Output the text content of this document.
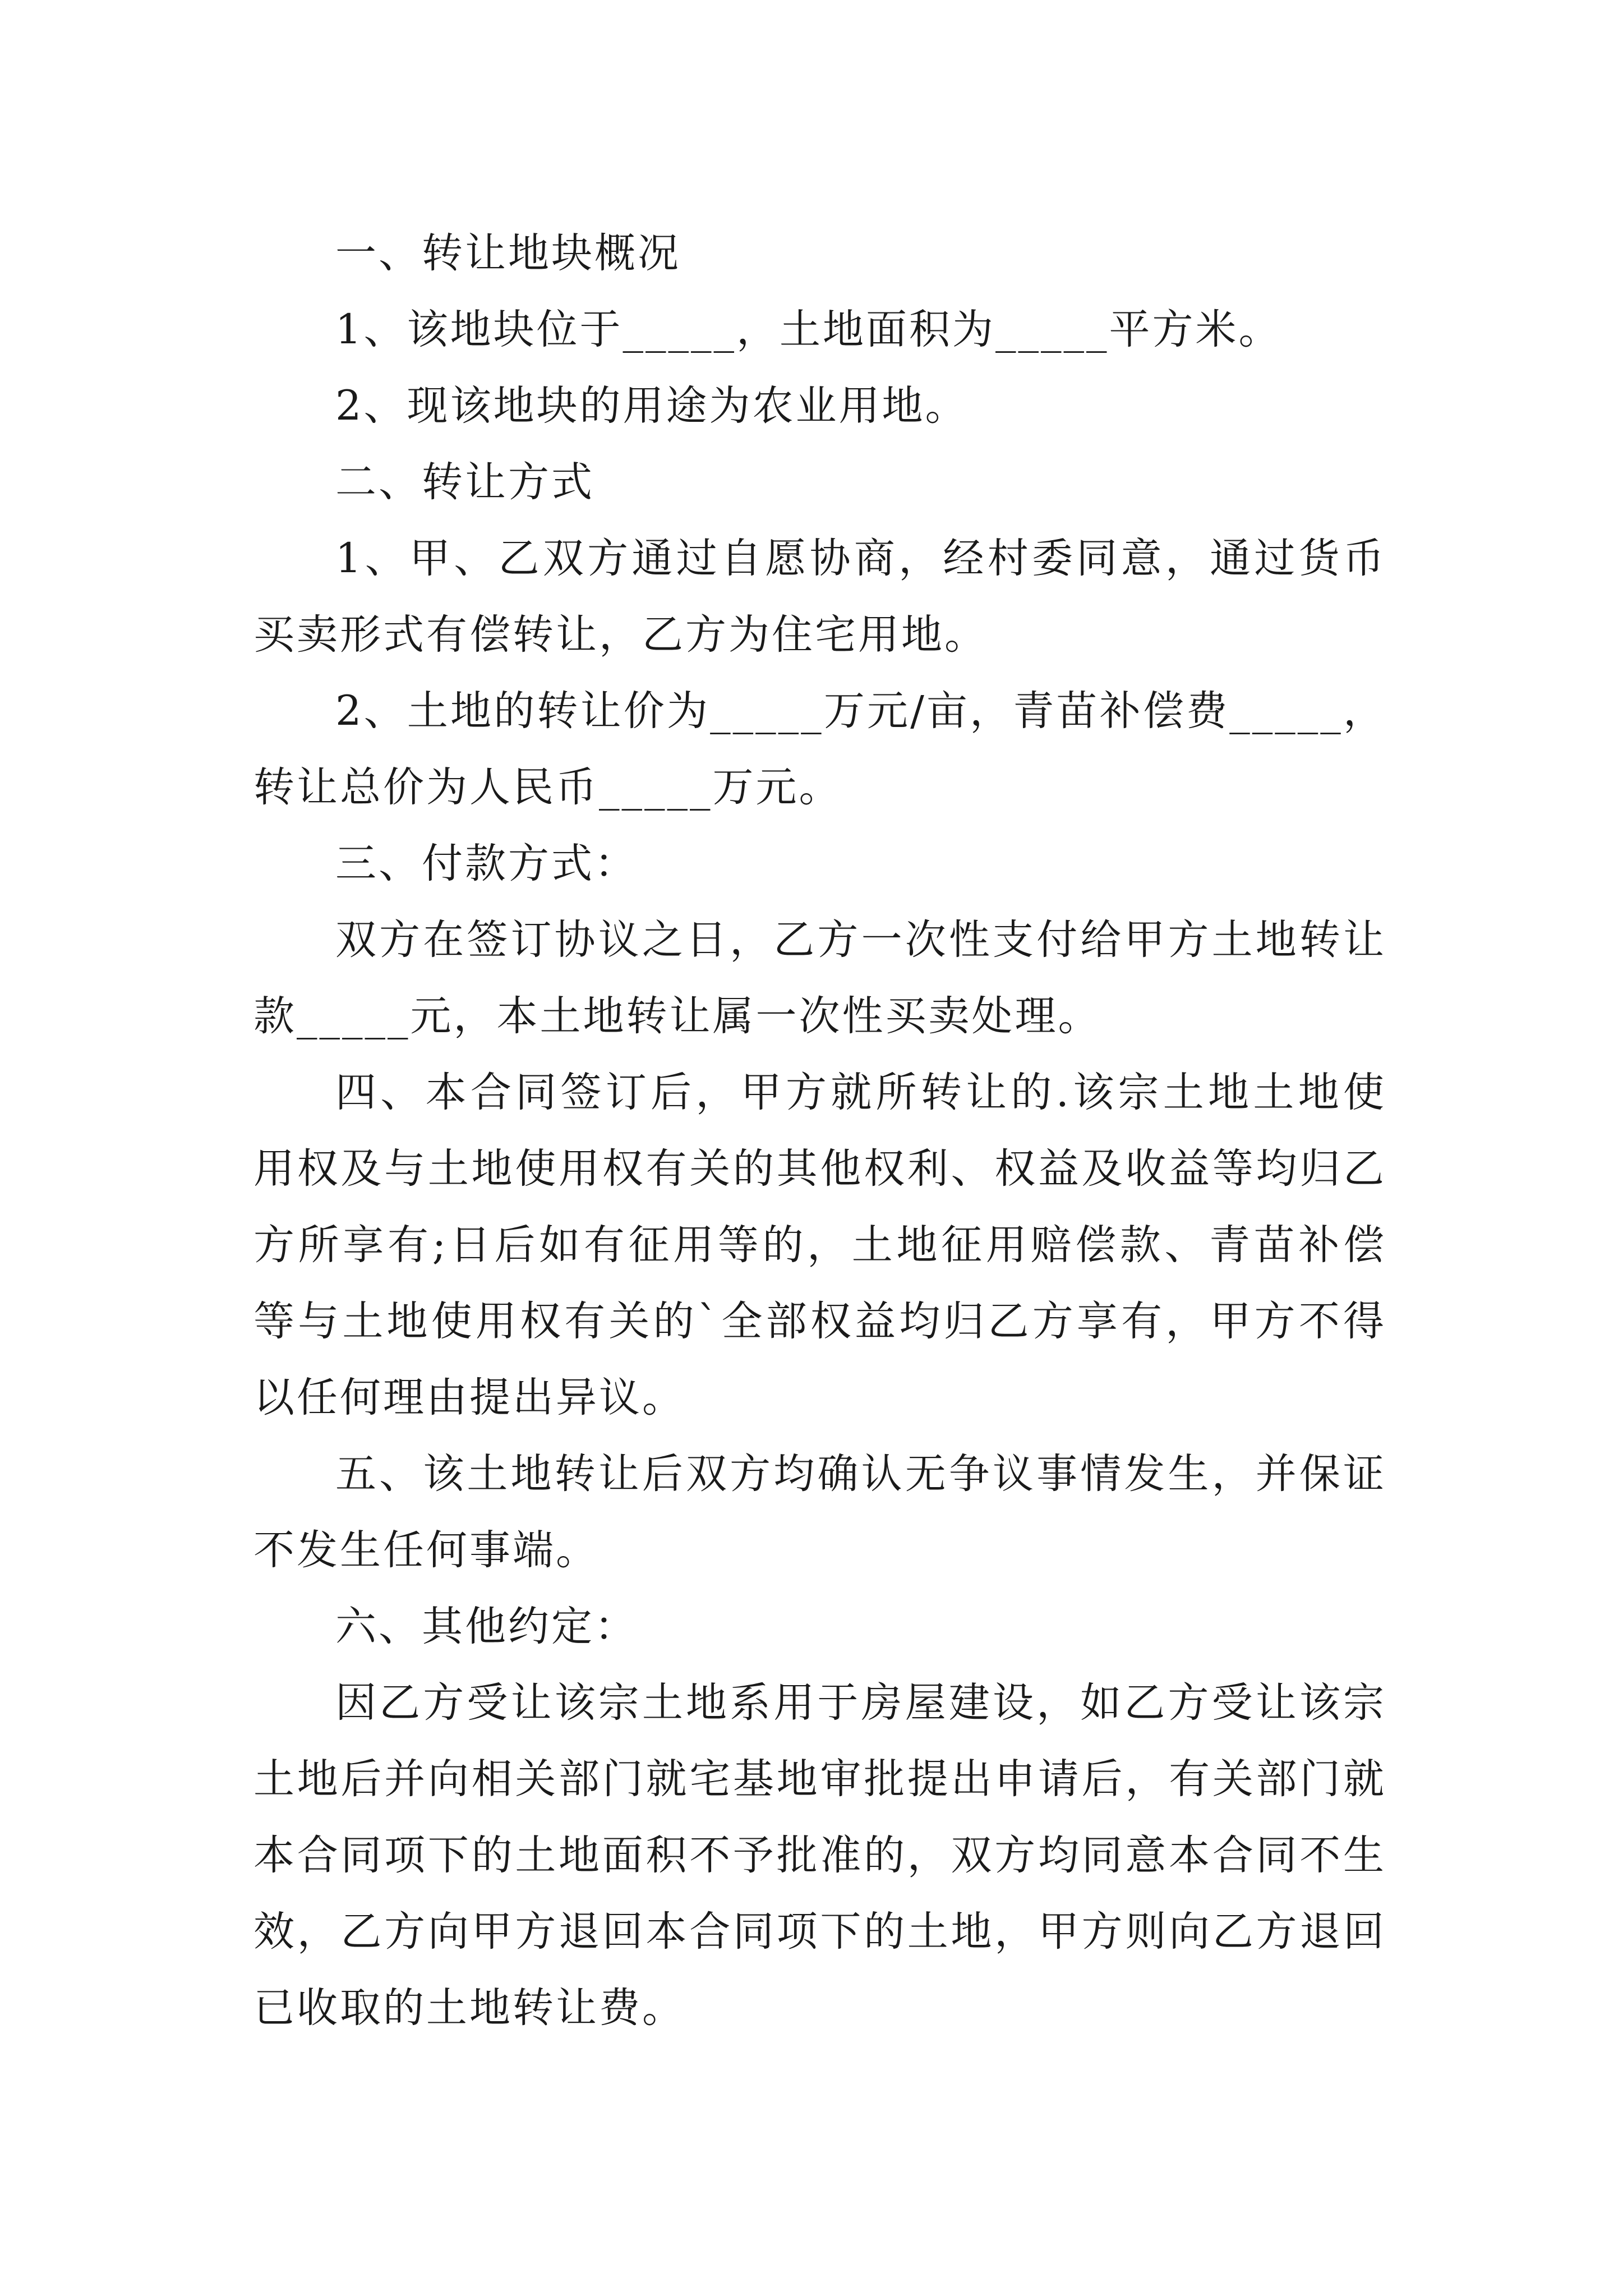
一、转让地块概况

1、该地块位于_____，土地面积为_____平方米。

2、现该地块的用途为农业用地。

二、转让方式

1、甲、乙双方通过自愿协商，经村委同意，通过货币买卖形式有偿转让，乙方为住宅用地。

2、土地的转让价为_____万元/亩，青苗补偿费_____，转让总价为人民币_____万元。

三、付款方式：

双方在签订协议之日，乙方一次性支付给甲方土地转让款_____元，本土地转让属一次性买卖处理。

四、本合同签订后，甲方就所转让的.该宗土地土地使用权及与土地使用权有关的其他权利、权益及收益等均归乙方所享有;日后如有征用等的，土地征用赔偿款、青苗补偿等与土地使用权有关的`全部权益均归乙方享有，甲方不得以任何理由提出异议。

五、该土地转让后双方均确认无争议事情发生，并保证不发生任何事端。

六、其他约定：

因乙方受让该宗土地系用于房屋建设，如乙方受让该宗土地后并向相关部门就宅基地审批提出申请后，有关部门就本合同项下的土地面积不予批准的，双方均同意本合同不生效，乙方向甲方退回本合同项下的土地，甲方则向乙方退回已收取的土地转让费。
